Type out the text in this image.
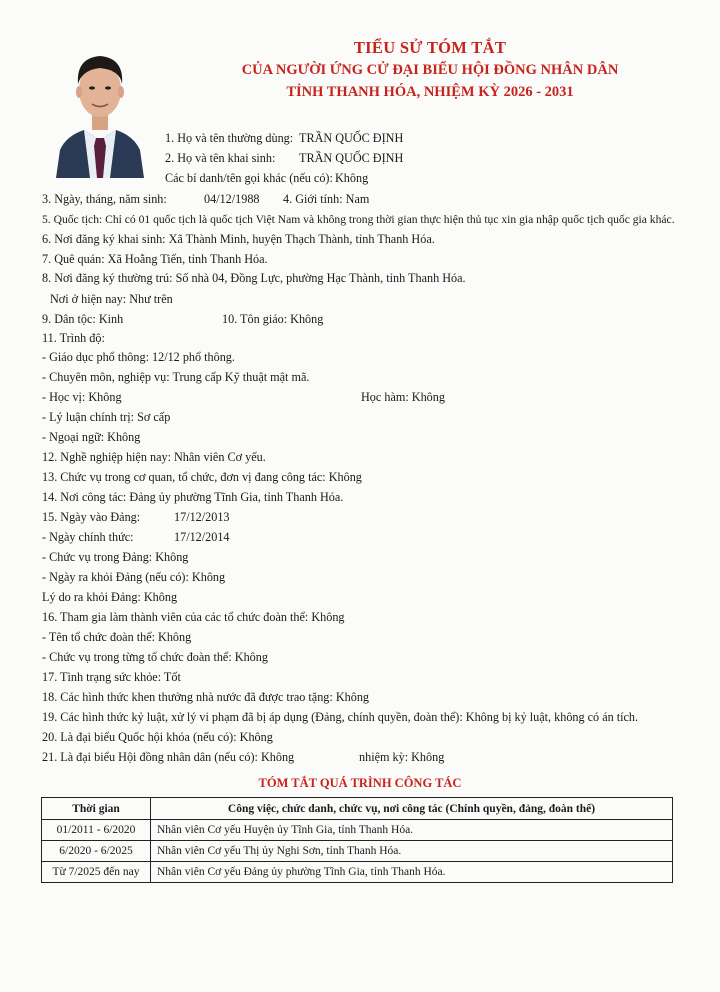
TIỂU SỬ TÓM TẮT
CỦA NGƯỜI ỨNG CỬ ĐẠI BIỂU HỘI ĐỒNG NHÂN DÂN
TỈNH THANH HÓA, NHIỆM KỲ 2026 - 2031
1. Họ và tên thường dùng: TRẦN QUỐC ĐỊNH
2. Họ và tên khai sinh: TRẦN QUỐC ĐỊNH
Các bí danh/tên gọi khác (nếu có): Không
3. Ngày, tháng, năm sinh:	04/12/1988 4. Giới tính: Nam
5. Quốc tịch: Chỉ có 01 quốc tịch là quốc tịch Việt Nam và không trong thời gian thực hiện thủ tục xin gia nhập quốc tịch quốc gia khác.
6. Nơi đăng ký khai sinh: Xã Thành Minh, huyện Thạch Thành, tỉnh Thanh Hóa.
7. Quê quán: Xã Hoằng Tiến, tỉnh Thanh Hóa.
8. Nơi đăng ký thường trú: Số nhà 04, Đồng Lực, phường Hạc Thành, tỉnh Thanh Hóa.
Nơi ở hiện nay: Như trên
9. Dân tộc: Kinh	10. Tôn giáo: Không
11. Trình độ:
- Giáo dục phổ thông: 12/12 phổ thông.
- Chuyên môn, nghiệp vụ: Trung cấp Kỹ thuật mật mã.
- Học vị: Không	Học hàm: Không
- Lý luận chính trị: Sơ cấp
- Ngoại ngữ: Không
12. Nghề nghiệp hiện nay: Nhân viên Cơ yếu.
13. Chức vụ trong cơ quan, tổ chức, đơn vị đang công tác: Không
14. Nơi công tác: Đảng ủy phường Tĩnh Gia, tỉnh Thanh Hóa.
15. Ngày vào Đảng:	17/12/2013
- Ngày chính thức:	17/12/2014
- Chức vụ trong Đảng: Không
- Ngày ra khỏi Đảng (nếu có): Không
Lý do ra khỏi Đảng: Không
16. Tham gia làm thành viên của các tổ chức đoàn thể: Không
- Tên tổ chức đoàn thể: Không
- Chức vụ trong từng tổ chức đoàn thể: Không
17. Tình trạng sức khỏe: Tốt
18. Các hình thức khen thưởng nhà nước đã được trao tặng: Không
19. Các hình thức kỷ luật, xử lý vi phạm đã bị áp dụng (Đảng, chính quyền, đoàn thể): Không bị kỷ luật, không có án tích.
20. Là đại biểu Quốc hội khóa (nếu có): Không
21. Là đại biểu Hội đồng nhân dân (nếu có): Không	nhiệm kỳ: Không
TÓM TẮT QUÁ TRÌNH CÔNG TÁC
Thời gian	Công việc, chức danh, chức vụ, nơi công tác (Chính quyền, đảng, đoàn thể)
01/2011 - 6/2020	Nhân viên Cơ yếu Huyện ủy Tĩnh Gia, tỉnh Thanh Hóa.
6/2020 - 6/2025	Nhân viên Cơ yếu Thị ủy Nghi Sơn, tỉnh Thanh Hóa.
Từ 7/2025 đến nay	Nhân viên Cơ yếu Đảng ủy phường Tĩnh Gia, tỉnh Thanh Hóa.
